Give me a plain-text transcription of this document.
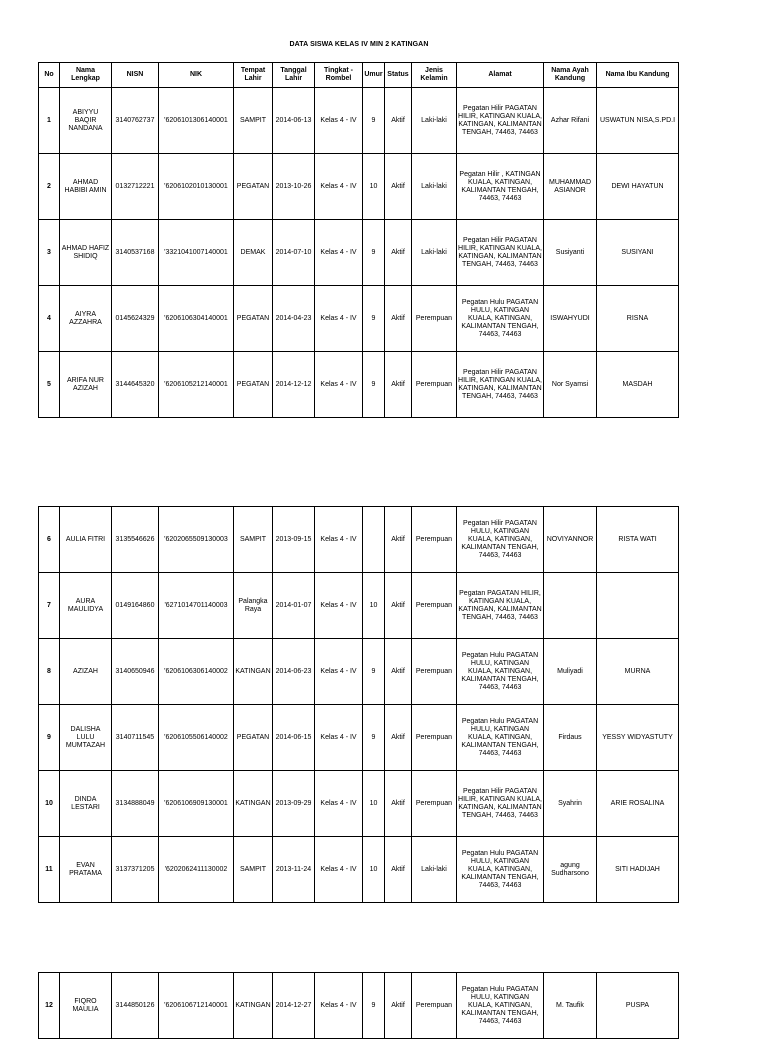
DATA SISWA KELAS IV MIN 2 KATINGAN
No	Nama Lengkap	NISN	NIK	Tempat Lahir	Tanggal Lahir	Tingkat - Rombel	Umur	Status	Jenis Kelamin	Alamat	Nama Ayah Kandung	Nama Ibu Kandung
1	ABIYYU BAQIR NANDANA	3140762737	'6206101306140001	SAMPIT	2014-06-13	Kelas 4 - IV	9	Aktif	Laki-laki	Pegatan Hilir PAGATAN HILIR, KATINGAN KUALA, KATINGAN, KALIMANTAN TENGAH, 74463, 74463	Azhar Rifani	USWATUN NISA,S.PD.I
2	AHMAD HABIBI AMIN	0132712221	'6206102010130001	PEGATAN	2013-10-26	Kelas 4 - IV	10	Aktif	Laki-laki	Pegatan Hilir , KATINGAN KUALA, KATINGAN, KALIMANTAN TENGAH, 74463, 74463	MUHAMMAD ASIANOR	DEWI HAYATUN
3	AHMAD HAFIZ SHIDIQ	3140537168	'3321041007140001	DEMAK	2014-07-10	Kelas 4 - IV	9	Aktif	Laki-laki	Pegatan Hilir PAGATAN HILIR, KATINGAN KUALA, KATINGAN, KALIMANTAN TENGAH, 74463, 74463	Susiyanti	SUSIYANI
4	AIYRA AZZAHRA	0145624329	'6206106304140001	PEGATAN	2014-04-23	Kelas 4 - IV	9	Aktif	Perempuan	Pegatan Hulu PAGATAN HULU, KATINGAN KUALA, KATINGAN, KALIMANTAN TENGAH, 74463, 74463	ISWAHYUDI	RISNA
5	ARIFA NUR AZIZAH	3144645320	'6206105212140001	PEGATAN	2014-12-12	Kelas 4 - IV	9	Aktif	Perempuan	Pegatan Hilir PAGATAN HILIR, KATINGAN KUALA, KATINGAN, KALIMANTAN TENGAH, 74463, 74463	Nor Syamsi	MASDAH
6	AULIA FITRI	3135546626	'6202065509130003	SAMPIT	2013-09-15	Kelas 4 - IV		Aktif	Perempuan	Pegatan Hilir PAGATAN HULU, KATINGAN KUALA, KATINGAN, KALIMANTAN TENGAH, 74463, 74463	NOVIYANNOR	RISTA WATI
7	AURA MAULIDYA	0149164860	'6271014701140003	Palangka Raya	2014-01-07	Kelas 4 - IV	10	Aktif	Perempuan	Pegatan PAGATAN HILIR, KATINGAN KUALA, KATINGAN, KALIMANTAN TENGAH, 74463, 74463		
8	AZIZAH	3140650946	'6206106306140002	KATINGAN	2014-06-23	Kelas 4 - IV	9	Aktif	Perempuan	Pegatan Hulu PAGATAN HULU, KATINGAN KUALA, KATINGAN, KALIMANTAN TENGAH, 74463, 74463	Muliyadi	MURNA
9	DALISHA LULU MUMTAZAH	3140711545	'6206105506140002	PEGATAN	2014-06-15	Kelas 4 - IV	9	Aktif	Perempuan	Pegatan Hulu PAGATAN HULU, KATINGAN KUALA, KATINGAN, KALIMANTAN TENGAH, 74463, 74463	Firdaus	YESSY WIDYASTUTY
10	DINDA LESTARI	3134888049	'6206106909130001	KATINGAN	2013-09-29	Kelas 4 - IV	10	Aktif	Perempuan	Pegatan Hilir PAGATAN HILIR, KATINGAN KUALA, KATINGAN, KALIMANTAN TENGAH, 74463, 74463	Syahrin	ARIE ROSALINA
11	EVAN PRATAMA	3137371205	'6202062411130002	SAMPIT	2013-11-24	Kelas 4 - IV	10	Aktif	Laki-laki	Pegatan Hulu PAGATAN HULU, KATINGAN KUALA, KATINGAN, KALIMANTAN TENGAH, 74463, 74463	agung Sudharsono	SITI HADIJAH
12	FIQRO MAULIA	3144850126	'6206106712140001	KATINGAN	2014-12-27	Kelas 4 - IV	9	Aktif	Perempuan	Pegatan Hulu PAGATAN HULU, KATINGAN KUALA, KATINGAN, KALIMANTAN TENGAH, 74463, 74463	M. Taufik	PUSPA
